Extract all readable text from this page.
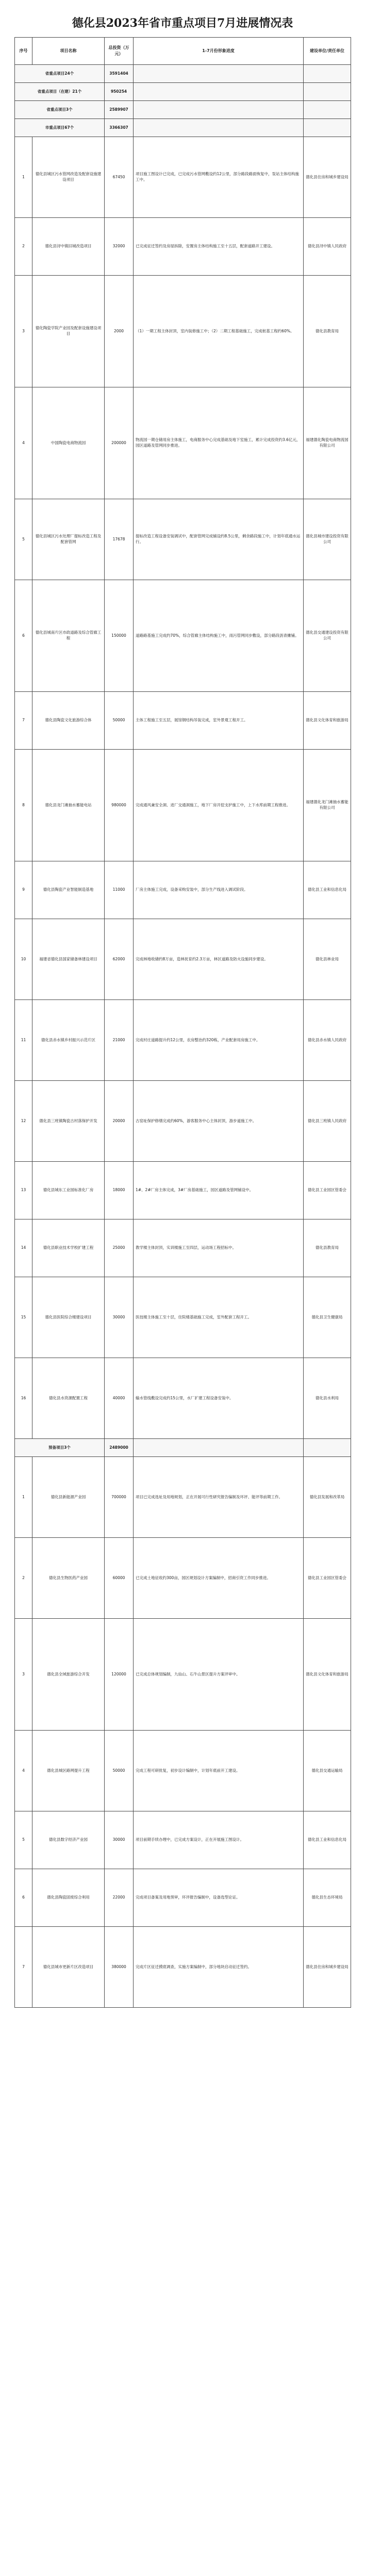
德化县2023年省市重点项目7月进展情况表
序号	项目名称	总投资（万元）	1-7月份形象进度	建设单位/责任单位
省重点项目24个		3591404		
省重点项目（在建）21个		950254		
省重点项目3个		2589907		
市重点项目67个		3366307		
1	德化县城区污水管网改造及配套设施建设项目	67450	项目施工图设计已完成，已完成污水管网敷设约12公里，部分路段路面恢复中，泵站主体结构施工中。	德化县住房和城乡建设局
2	德化县浔中镇旧城改造项目	32000	已完成征迁签约及房屋拆除，安置房主体结构施工至十五层，配套道路开工建设。	德化县浔中镇人民政府
3	德化陶瓷学院产业园及配套设施建设项目	2000	（1）一期工程主体封顶，室内装修施工中；（2）二期工程基础施工，完成桩基工程约60%。	德化县教育局
4	中国陶瓷电商物流园	200000	物流园一期仓储用房主体施工，电商服务中心完成基础及地下室施工，累计完成投资约3.6亿元，园区道路及管网同步推进。	福建德化陶瓷电商物流园有限公司
5	德化县城区污水处理厂提标改造工程及配套管网	17678	提标改造工程设备安装调试中，配套管网完成铺设约8.5公里，剩余路段施工中，计划年底通水运行。	德化县城市建设投资有限公司
6	德化县城南片区市政道路及综合管廊工程	150000	道路路基施工完成约70%，综合管廊主体结构施工中，雨污管网同步敷设，部分路段沥青摊铺。	德化县交通建设投资有限公司
7	德化县陶瓷文化旅游综合体	50000	主体工程施工至五层，展馆钢结构吊装完成，室外景观工程开工。	德化县文化体育和旅游局
8	德化县龙门滩抽水蓄能电站	980000	完成通风兼安全洞、进厂交通洞施工，地下厂房开挖支护施工中，上下水库前期工程推进。	福建德化龙门滩抽水蓄能有限公司
9	德化县陶瓷产业智能制造基地	11000	厂房主体施工完成，设备采购安装中，部分生产线进入调试阶段。	德化县工业和信息化局
10	福建省德化县国家储备林建设项目	62000	完成林地收储约8万亩，造林抚育约2.3万亩，林区道路及防火设施同步建设。	德化县林业局
11	德化县赤水镇乡村振兴示范片区	21000	完成村庄道路提升约12公里，农房整治约320栋，产业配套用房施工中。	德化县赤水镇人民政府
12	德化县三班镇陶瓷古村落保护开发	20000	古窑址保护修缮完成约60%，游客服务中心主体封顶，游步道施工中。	德化县三班镇人民政府
13	德化县城东工业园标准化厂房	18000	1#、2#厂房主体完成，3#厂房基础施工，园区道路及管网铺设中。	德化县工业园区管委会
14	德化县职业技术学校扩建工程	25000	教学楼主体封顶，实训楼施工至四层，运动场工程招标中。	德化县教育局
15	德化县医院综合楼建设项目	30000	医技楼主体施工至十层，住院楼基础施工完成，室外配套工程开工。	德化县卫生健康局
16	德化县水资源配置工程	40000	输水管线敷设完成约15公里，水厂扩建工程设备安装中。	德化县水利局
预备项目3个		2489000		
1	德化县新能源产业园	700000	项目已完成选址及用地规划，正在开展可行性研究报告编制及环评、能评等前期工作。	德化县发展和改革局
2	德化县生物医药产业园	60000	已完成土地征收约300亩，园区规划设计方案编制中，招商引资工作同步推进。	德化县工业园区管委会
3	德化县全域旅游综合开发	120000	已完成总体规划编制，九仙山、石牛山景区提升方案评审中。	德化县文化体育和旅游局
4	德化县城区路网提升工程	50000	完成工程可研批复，初步设计编制中，计划年底前开工建设。	德化县交通运输局
5	德化县数字经济产业园	30000	项目前期手续办理中，已完成方案设计，正在开展施工图设计。	德化县工业和信息化局
6	德化县陶瓷固废综合利用	22000	完成项目备案及用地预审，环评报告编制中，设备选型论证。	德化县生态环境局
7	德化县城市更新片区改造项目	380000	完成片区征迁摸底调查，实施方案编制中，部分地块启动征迁签约。	德化县住房和城乡建设局
